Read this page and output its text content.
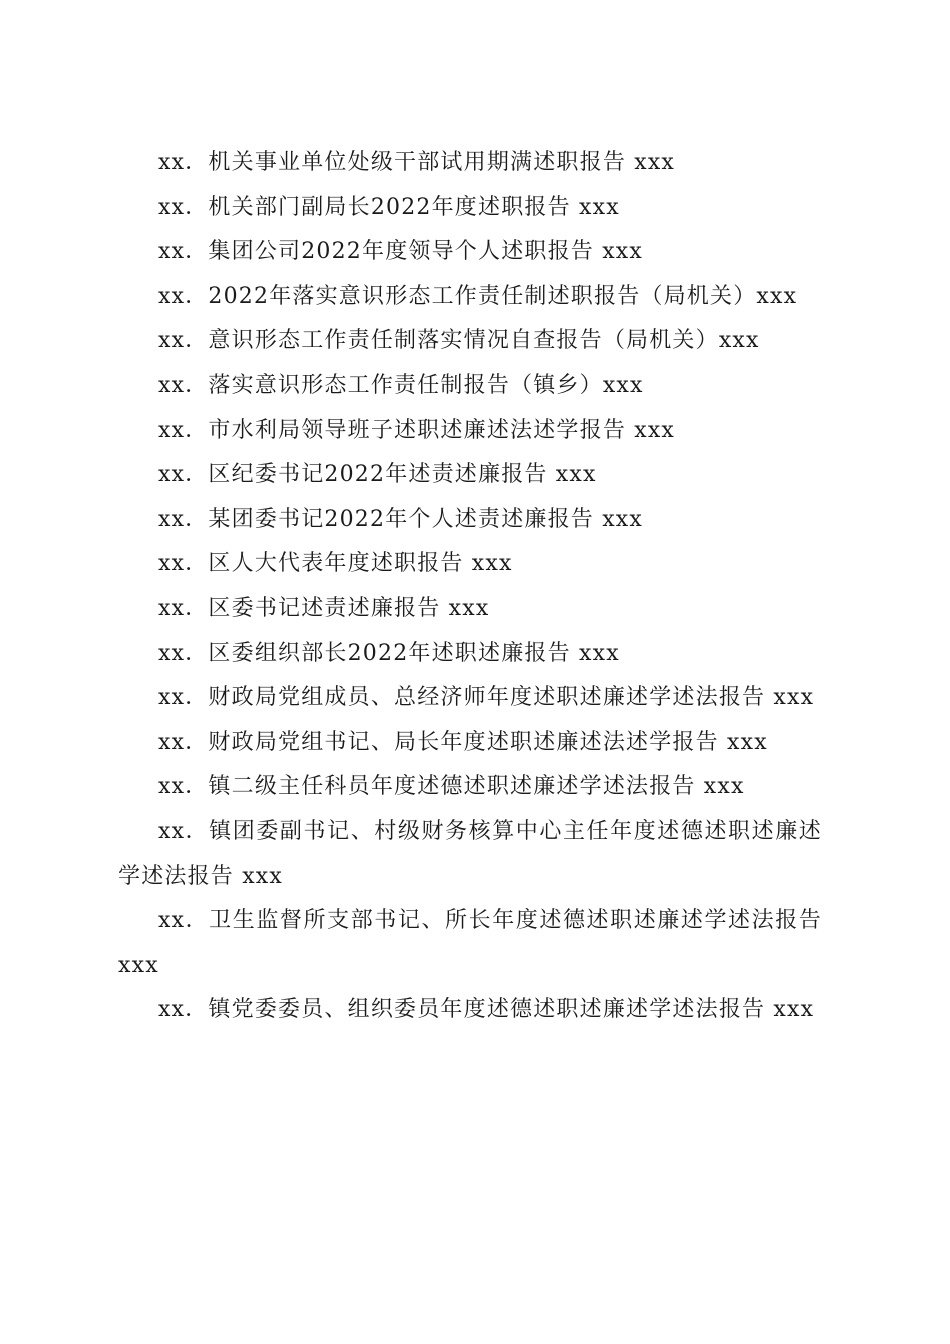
xx．机关事业单位处级干部试用期满述职报告 xxx

xx．机关部门副局长2022年度述职报告 xxx

xx．集团公司2022年度领导个人述职报告 xxx

xx．2022年落实意识形态工作责任制述职报告（局机关）xxx

xx．意识形态工作责任制落实情况自查报告（局机关）xxx

xx．落实意识形态工作责任制报告（镇乡）xxx

xx．市水利局领导班子述职述廉述法述学报告 xxx

xx．区纪委书记2022年述责述廉报告 xxx

xx．某团委书记2022年个人述责述廉报告 xxx

xx．区人大代表年度述职报告 xxx

xx．区委书记述责述廉报告 xxx

xx．区委组织部长2022年述职述廉报告 xxx

xx．财政局党组成员、总经济师年度述职述廉述学述法报告 xxx

xx．财政局党组书记、局长年度述职述廉述法述学报告 xxx

xx．镇二级主任科员年度述德述职述廉述学述法报告 xxx

xx．镇团委副书记、村级财务核算中心主任年度述德述职述廉述学述法报告 xxx

xx．卫生监督所支部书记、所长年度述德述职述廉述学述法报告 xxx

xx．镇党委委员、组织委员年度述德述职述廉述学述法报告 xxx
